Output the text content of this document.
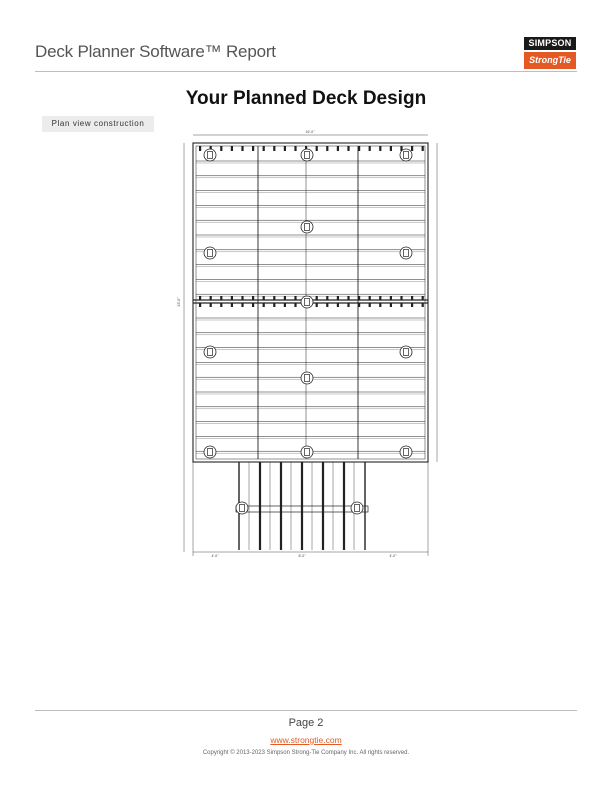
Deck Planner Software™ Report	SIMPSON
StrongTie
Your Planned Deck Design
Plan view construction
16'-0"
23'-0"
4'-0"	8'-0"	4'-0"
Page 2
www.strongtie.com
Copyright © 2013-2023 Simpson Strong-Tie Company Inc. All rights reserved.
